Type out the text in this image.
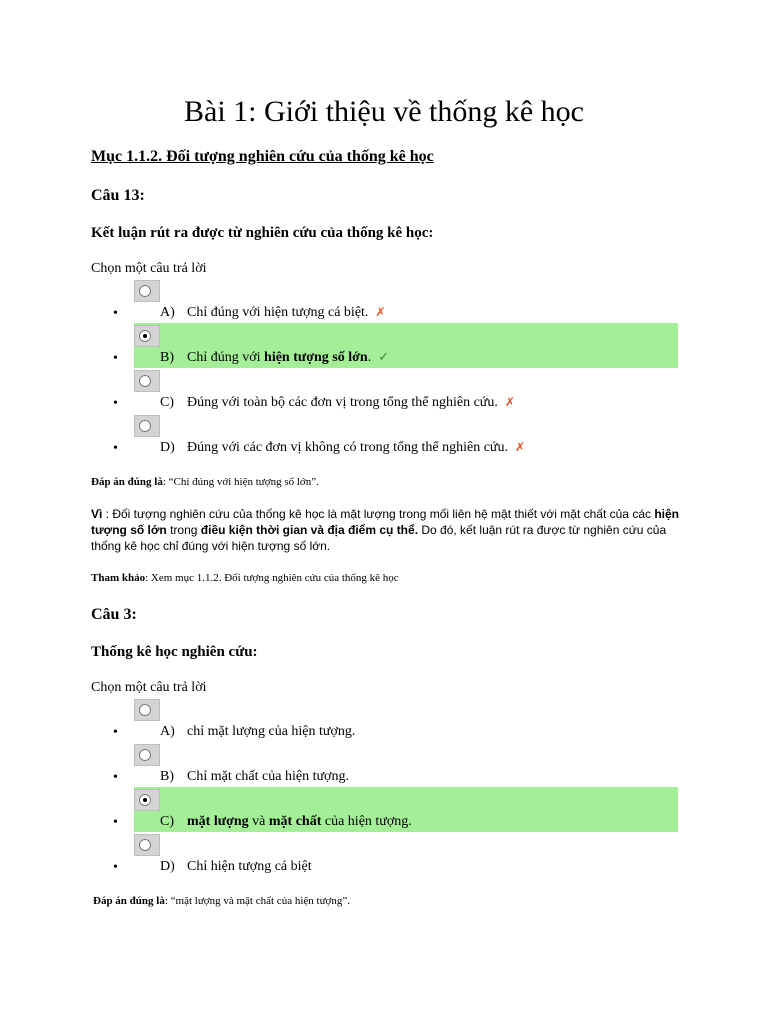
Bài 1: Giới thiệu về thống kê học
Mục 1.1.2. Đối tượng nghiên cứu của thống kê học
Câu 13:
Kết luận rút ra được từ nghiên cứu của thống kê học:
Chọn một câu trả lời
•	A) Chỉ đúng với hiện tượng cá biệt. ✗
•	B) Chỉ đúng với hiện tượng số lớn. ✓
•	C) Đúng với toàn bộ các đơn vị trong tổng thể nghiên cứu. ✗
•	D) Đúng với các đơn vị không có trong tổng thể nghiên cứu. ✗
Đáp án đúng là: “Chỉ đúng với hiện tượng số lớn”.
Vì : Đối tượng nghiên cứu của thống kê học là mặt lượng trong mối liên hệ mật thiết với mặt chất của các hiện tượng số lớn trong điều kiện thời gian và địa điểm cụ thể. Do đó, kết luận rút ra được từ nghiên cứu của thống kê học chỉ đúng với hiện tượng số lớn.
Tham khảo: Xem mục 1.1.2. Đối tượng nghiên cứu của thống kê học
Câu 3:
Thống kê học nghiên cứu:
Chọn một câu trả lời
•	A) chỉ mặt lượng của hiện tượng.
•	B) Chỉ mặt chất của hiện tượng.
•	C) mặt lượng và mặt chất của hiện tượng.
•	D) Chỉ hiện tượng cá biệt
Đáp án đúng là: “mặt lượng và mặt chất của hiện tượng”.
